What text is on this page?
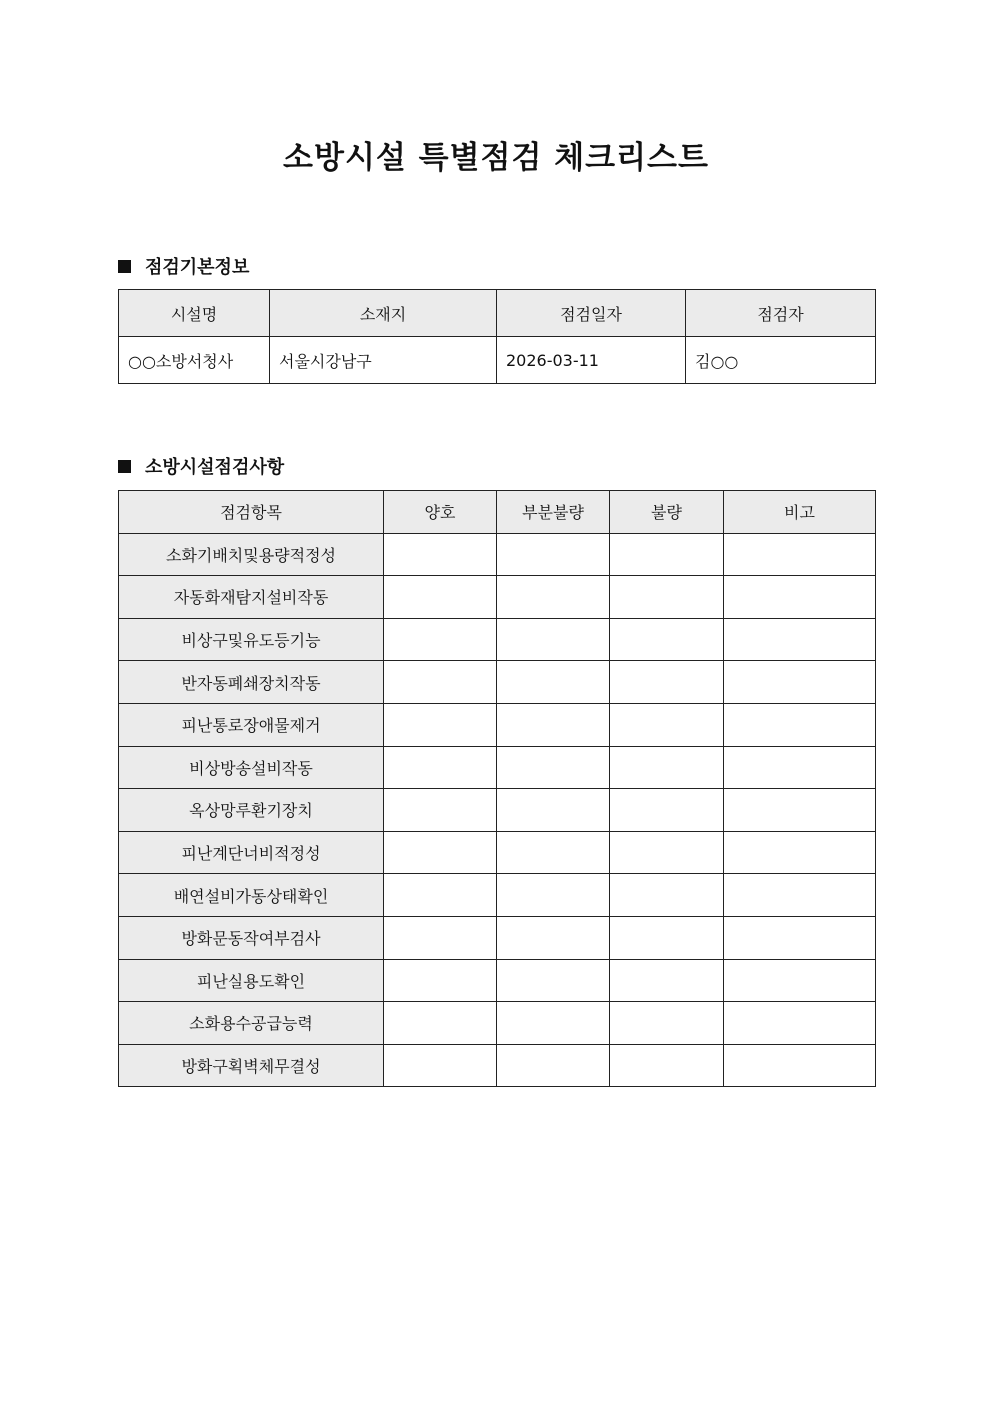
소방시설 특별점검 체크리스트
점검기본정보
시설명	소재지	점검일자	점검자
○○소방서청사	서울시강남구	2026-03-11	김○○
소방시설점검사항
점검항목	양호	부분불량	불량	비고
소화기배치및용량적정성				
자동화재탐지설비작동				
비상구및유도등기능				
반자동폐쇄장치작동				
피난통로장애물제거				
비상방송설비작동				
옥상망루환기장치				
피난계단너비적정성				
배연설비가동상태확인				
방화문동작여부검사				
피난실용도확인				
소화용수공급능력				
방화구획벽체무결성				
